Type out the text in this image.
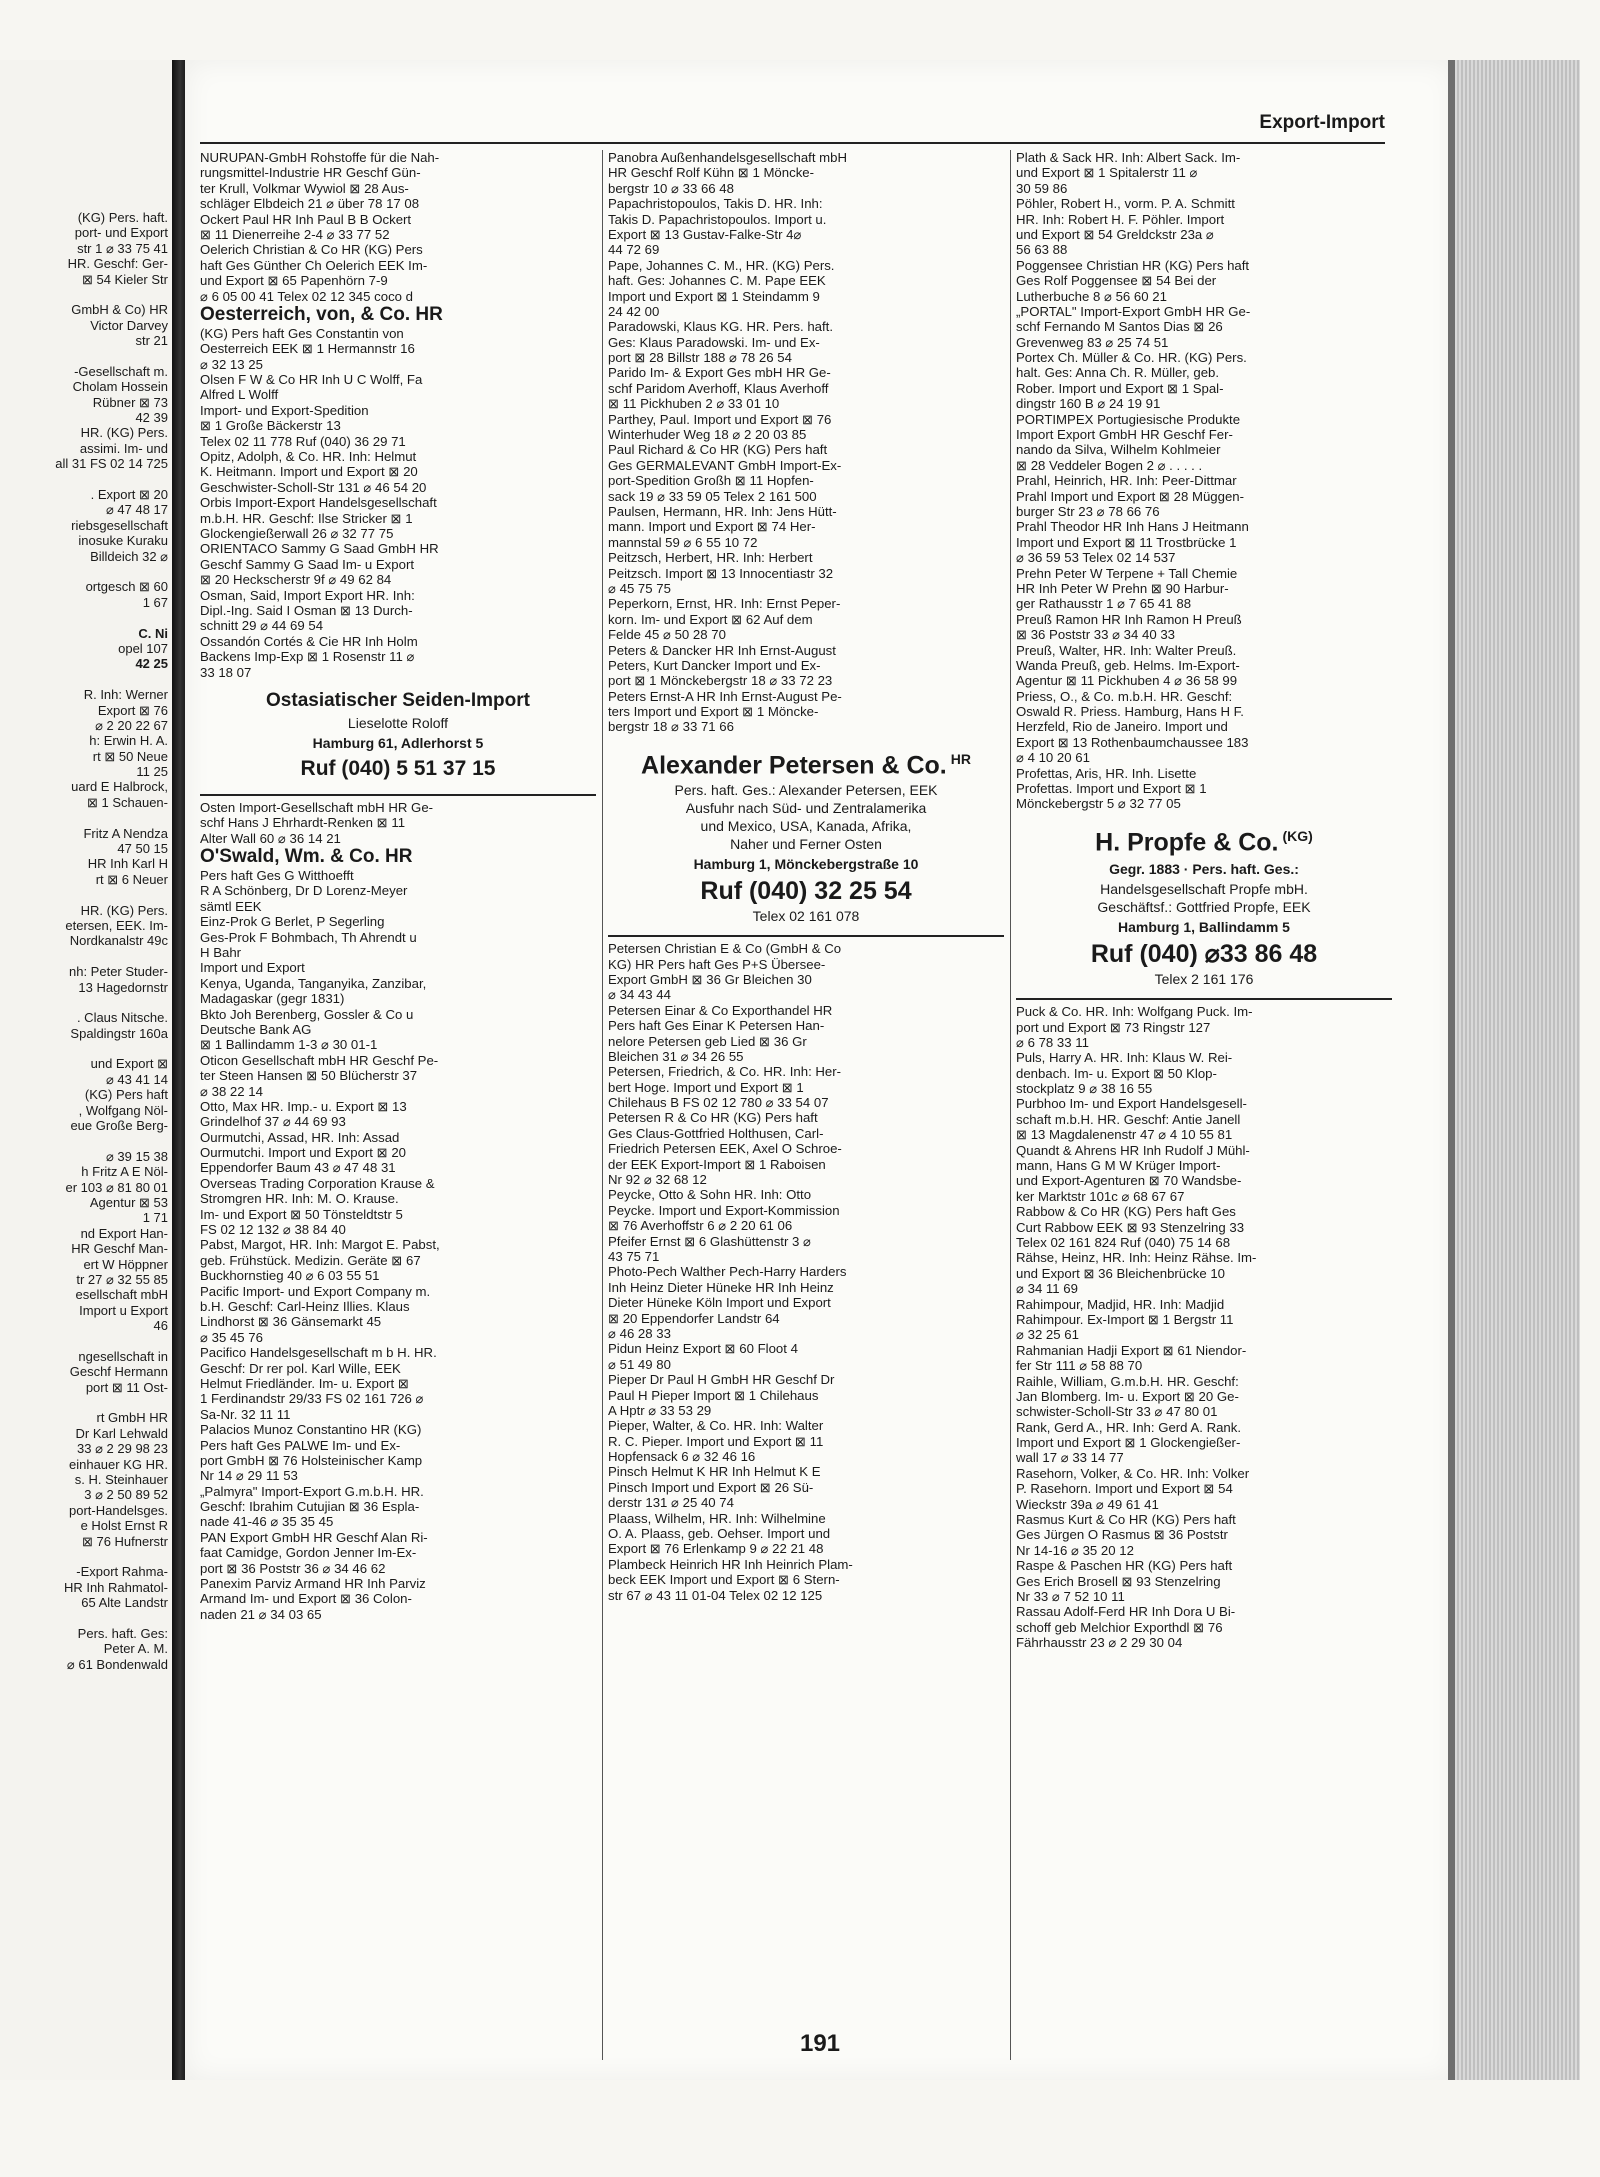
(KG) Pers. haft.
port- und Export
str 1 ⌀ 33 75 41
HR. Geschf: Ger-
⊠ 54 Kieler Str
GmbH & Co) HR
Victor Darvey
str 21
-Gesellschaft m.
Cholam Hossein
Rübner ⊠ 73
42 39
HR. (KG) Pers.
assimi. Im- und
all 31 FS 02 14 725
. Export ⊠ 20
⌀ 47 48 17
riebsgesellschaft
inosuke Kuraku
Billdeich 32 ⌀
ortgesch ⊠ 60
1 67
C. Ni
opel 107
42 25
R. Inh: Werner
Export ⊠ 76
⌀ 2 20 22 67
h: Erwin H. A.
rt ⊠ 50 Neue
11 25
uard E Halbrock,
⊠ 1 Schauen-
Fritz A Nendza
47 50 15
HR Inh Karl H
rt ⊠ 6 Neuer
HR. (KG) Pers.
etersen, EEK. Im-
Nordkanalstr 49c
nh: Peter Studer-
13 Hagedornstr
. Claus Nitsche.
Spaldingstr 160a
und Export ⊠
⌀ 43 41 14
(KG) Pers haft
, Wolfgang Nöl-
eue Große Berg-
⌀ 39 15 38
h Fritz A E Nöl-
er 103 ⌀ 81 80 01
Agentur ⊠ 53
1 71
nd Export Han-
HR Geschf Man-
ert W Höppner
tr 27 ⌀ 32 55 85
esellschaft mbH
Import u Export
46
ngesellschaft in
Geschf Hermann
port ⊠ 11 Ost-
rt GmbH HR
Dr Karl Lehwald
33 ⌀ 2 29 98 23
einhauer KG HR.
s. H. Steinhauer
3 ⌀ 2 50 89 52
port-Handelsges.
e Holst Ernst R
⊠ 76 Hufnerstr
-Export Rahma-
HR Inh Rahmatol-
65 Alte Landstr
Pers. haft. Ges:
Peter A. M.
⌀ 61 Bondenwald
Export-Import
NURUPAN-GmbH Rohstoffe für die Nah-
rungsmittel-Industrie HR Geschf Gün-
ter Krull, Volkmar Wywiol ⊠ 28 Aus-
schläger Elbdeich 21 ⌀ über 78 17 08
Ockert Paul HR Inh Paul B B Ockert
⊠ 11 Dienerreihe 2-4 ⌀ 33 77 52
Oelerich Christian & Co HR (KG) Pers
haft Ges Günther Ch Oelerich EEK Im-
und Export ⊠ 65 Papenhörn 7-9
⌀ 6 05 00 41 Telex 02 12 345 coco d
Oesterreich, von, & Co. HR
(KG) Pers haft Ges Constantin von
Oesterreich EEK ⊠ 1 Hermannstr 16
⌀ 32 13 25
Olsen F W & Co HR Inh U C Wolff, Fa
Alfred L Wolff
Import- und Export-Spedition
⊠ 1 Große Bäckerstr 13
Telex 02 11 778 Ruf (040) 36 29 71
Opitz, Adolph, & Co. HR. Inh: Helmut
K. Heitmann. Import und Export ⊠ 20
Geschwister-Scholl-Str 131 ⌀ 46 54 20
Orbis Import-Export Handelsgesellschaft
m.b.H. HR. Geschf: Ilse Stricker ⊠ 1
Glockengießerwall 26 ⌀ 32 77 75
ORIENTACO Sammy G Saad GmbH HR
Geschf Sammy G Saad Im- u Export
⊠ 20 Heckscherstr 9f ⌀ 49 62 84
Osman, Said, Import Export HR. Inh:
Dipl.-Ing. Said I Osman ⊠ 13 Durch-
schnitt 29 ⌀ 44 69 54
Ossandón Cortés & Cie HR Inh Holm
Backens Imp-Exp ⊠ 1 Rosenstr 11 ⌀
33 18 07
Ostasiatischer Seiden-Import
Lieselotte Roloff
Hamburg 61, Adlerhorst 5
Ruf (040) 5 51 37 15
Osten Import-Gesellschaft mbH HR Ge-
schf Hans J Ehrhardt-Renken ⊠ 11
Alter Wall 60 ⌀ 36 14 21
O'Swald, Wm. & Co. HR
Pers haft Ges G Witthoefft
R A Schönberg, Dr D Lorenz-Meyer
sämtl EEK
Einz-Prok G Berlet, P Segerling
Ges-Prok F Bohmbach, Th Ahrendt u
H Bahr
Import und Export
Kenya, Uganda, Tanganyika, Zanzibar,
Madagaskar (gegr 1831)
Bkto Joh Berenberg, Gossler & Co u
Deutsche Bank AG
⊠ 1 Ballindamm 1-3 ⌀ 30 01-1
Oticon Gesellschaft mbH HR Geschf Pe-
ter Steen Hansen ⊠ 50 Blücherstr 37
⌀ 38 22 14
Otto, Max HR. Imp.- u. Export ⊠ 13
Grindelhof 37 ⌀ 44 69 93
Ourmutchi, Assad, HR. Inh: Assad
Ourmutchi. Import und Export ⊠ 20
Eppendorfer Baum 43 ⌀ 47 48 31
Overseas Trading Corporation Krause &
Stromgren HR. Inh: M. O. Krause.
Im- und Export ⊠ 50 Tönsteldtstr 5
FS 02 12 132 ⌀ 38 84 40
Pabst, Margot, HR. Inh: Margot E. Pabst,
geb. Frühstück. Medizin. Geräte ⊠ 67
Buckhornstieg 40 ⌀ 6 03 55 51
Pacific Import- und Export Company m.
b.H. Geschf: Carl-Heinz Illies. Klaus
Lindhorst ⊠ 36 Gänsemarkt 45
⌀ 35 45 76
Pacifico Handelsgesellschaft m b H. HR.
Geschf: Dr rer pol. Karl Wille, EEK
Helmut Friedländer. Im- u. Export ⊠
1 Ferdinandstr 29/33 FS 02 161 726 ⌀
Sa-Nr. 32 11 11
Palacios Munoz Constantino HR (KG)
Pers haft Ges PALWE Im- und Ex-
port GmbH ⊠ 76 Holsteinischer Kamp
Nr 14 ⌀ 29 11 53
„Palmyra" Import-Export G.m.b.H. HR.
Geschf: Ibrahim Cutujian ⊠ 36 Espla-
nade 41-46 ⌀ 35 35 45
PAN Export GmbH HR Geschf Alan Ri-
faat Camidge, Gordon Jenner Im-Ex-
port ⊠ 36 Poststr 36 ⌀ 34 46 62
Panexim Parviz Armand HR Inh Parviz
Armand Im- und Export ⊠ 36 Colon-
naden 21 ⌀ 34 03 65
Panobra Außenhandelsgesellschaft mbH
HR Geschf Rolf Kühn ⊠ 1 Möncke-
bergstr 10 ⌀ 33 66 48
Papachristopoulos, Takis D. HR. Inh:
Takis D. Papachristopoulos. Import u.
Export ⊠ 13 Gustav-Falke-Str 4⌀
44 72 69
Pape, Johannes C. M., HR. (KG) Pers.
haft. Ges: Johannes C. M. Pape EEK
Import und Export ⊠ 1 Steindamm 9
24 42 00
Paradowski, Klaus KG. HR. Pers. haft.
Ges: Klaus Paradowski. Im- und Ex-
port ⊠ 28 Billstr 188 ⌀ 78 26 54
Parido Im- & Export Ges mbH HR Ge-
schf Paridom Averhoff, Klaus Averhoff
⊠ 11 Pickhuben 2 ⌀ 33 01 10
Parthey, Paul. Import und Export ⊠ 76
Winterhuder Weg 18 ⌀ 2 20 03 85
Paul Richard & Co HR (KG) Pers haft
Ges GERMALEVANT GmbH Import-Ex-
port-Spedition Großh ⊠ 11 Hopfen-
sack 19 ⌀ 33 59 05 Telex 2 161 500
Paulsen, Hermann, HR. Inh: Jens Hütt-
mann. Import und Export ⊠ 74 Her-
mannstal 59 ⌀ 6 55 10 72
Peitzsch, Herbert, HR. Inh: Herbert
Peitzsch. Import ⊠ 13 Innocentiastr 32
⌀ 45 75 75
Peperkorn, Ernst, HR. Inh: Ernst Peper-
korn. Im- und Export ⊠ 62 Auf dem
Felde 45 ⌀ 50 28 70
Peters & Dancker HR Inh Ernst-August
Peters, Kurt Dancker Import und Ex-
port ⊠ 1 Mönckebergstr 18 ⌀ 33 72 23
Peters Ernst-A HR Inh Ernst-August Pe-
ters Import und Export ⊠ 1 Möncke-
bergstr 18 ⌀ 33 71 66
Alexander Petersen & Co. $^{HR}$
Pers. haft. Ges.: Alexander Petersen, EEK
Ausfuhr nach Süd- und Zentralamerika
und Mexico, USA, Kanada, Afrika,
Naher und Ferner Osten
Hamburg 1, Mönckebergstraße 10
Ruf (040) 32 25 54
Telex 02 161 078
Petersen Christian E & Co (GmbH & Co
KG) HR Pers haft Ges P+S Übersee-
Export GmbH ⊠ 36 Gr Bleichen 30
⌀ 34 43 44
Petersen Einar & Co Exporthandel HR
Pers haft Ges Einar K Petersen Han-
nelore Petersen geb Lied ⊠ 36 Gr
Bleichen 31 ⌀ 34 26 55
Petersen, Friedrich, & Co. HR. Inh: Her-
bert Hoge. Import und Export ⊠ 1
Chilehaus B FS 02 12 780 ⌀ 33 54 07
Petersen R & Co HR (KG) Pers haft
Ges Claus-Gottfried Holthusen, Carl-
Friedrich Petersen EEK, Axel O Schroe-
der EEK Export-Import ⊠ 1 Raboisen
Nr 92 ⌀ 32 68 12
Peycke, Otto & Sohn HR. Inh: Otto
Peycke. Import und Export-Kommission
⊠ 76 Averhoffstr 6 ⌀ 2 20 61 06
Pfeifer Ernst ⊠ 6 Glashüttenstr 3 ⌀
43 75 71
Photo-Pech Walther Pech-Harry Harders
Inh Heinz Dieter Hüneke HR Inh Heinz
Dieter Hüneke Köln Import und Export
⊠ 20 Eppendorfer Landstr 64
⌀ 46 28 33
Pidun Heinz Export ⊠ 60 Floot 4
⌀ 51 49 80
Pieper Dr Paul H GmbH HR Geschf Dr
Paul H Pieper Import ⊠ 1 Chilehaus
A Hptr ⌀ 33 53 29
Pieper, Walter, & Co. HR. Inh: Walter
R. C. Pieper. Import und Export ⊠ 11
Hopfensack 6 ⌀ 32 46 16
Pinsch Helmut K HR Inh Helmut K E
Pinsch Import und Export ⊠ 26 Sü-
derstr 131 ⌀ 25 40 74
Plaass, Wilhelm, HR. Inh: Wilhelmine
O. A. Plaass, geb. Oehser. Import und
Export ⊠ 76 Erlenkamp 9 ⌀ 22 21 48
Plambeck Heinrich HR Inh Heinrich Plam-
beck EEK Import und Export ⊠ 6 Stern-
str 67 ⌀ 43 11 01-04 Telex 02 12 125
Plath & Sack HR. Inh: Albert Sack. Im-
und Export ⊠ 1 Spitalerstr 11 ⌀
30 59 86
Pöhler, Robert H., vorm. P. A. Schmitt
HR. Inh: Robert H. F. Pöhler. Import
und Export ⊠ 54 Greldckstr 23a ⌀
56 63 88
Poggensee Christian HR (KG) Pers haft
Ges Rolf Poggensee ⊠ 54 Bei der
Lutherbuche 8 ⌀ 56 60 21
„PORTAL" Import-Export GmbH HR Ge-
schf Fernando M Santos Dias ⊠ 26
Grevenweg 83 ⌀ 25 74 51
Portex Ch. Müller & Co. HR. (KG) Pers.
halt. Ges: Anna Ch. R. Müller, geb.
Rober. Import und Export ⊠ 1 Spal-
dingstr 160 B ⌀ 24 19 91
PORTIMPEX Portugiesische Produkte
Import Export GmbH HR Geschf Fer-
nando da Silva, Wilhelm Kohlmeier
⊠ 28 Veddeler Bogen 2 ⌀ . . . . .
Prahl, Heinrich, HR. Inh: Peer-Dittmar
Prahl Import und Export ⊠ 28 Müggen-
burger Str 23 ⌀ 78 66 76
Prahl Theodor HR Inh Hans J Heitmann
Import und Export ⊠ 11 Trostbrücke 1
⌀ 36 59 53 Telex 02 14 537
Prehn Peter W Terpene + Tall Chemie
HR Inh Peter W Prehn ⊠ 90 Harbur-
ger Rathausstr 1 ⌀ 7 65 41 88
Preuß Ramon HR Inh Ramon H Preuß
⊠ 36 Poststr 33 ⌀ 34 40 33
Preuß, Walter, HR. Inh: Walter Preuß.
Wanda Preuß, geb. Helms. Im-Export-
Agentur ⊠ 11 Pickhuben 4 ⌀ 36 58 99
Priess, O., & Co. m.b.H. HR. Geschf:
Oswald R. Priess. Hamburg, Hans H F.
Herzfeld, Rio de Janeiro. Import und
Export ⊠ 13 Rothenbaumchaussee 183
⌀ 4 10 20 61
Profettas, Aris, HR. Inh. Lisette
Profettas. Import und Export ⊠ 1
Mönckebergstr 5 ⌀ 32 77 05
H. Propfe & Co. $^{(KG)}$
Gegr. 1883 · Pers. haft. Ges.:
Handelsgesellschaft Propfe mbH.
Geschäftsf.: Gottfried Propfe, EEK
Hamburg 1, Ballindamm 5
Ruf (040) ⌀33 86 48
Telex 2 161 176
Puck & Co. HR. Inh: Wolfgang Puck. Im-
port und Export ⊠ 73 Ringstr 127
⌀ 6 78 33 11
Puls, Harry A. HR. Inh: Klaus W. Rei-
denbach. Im- u. Export ⊠ 50 Klop-
stockplatz 9 ⌀ 38 16 55
Purbhoo Im- und Export Handelsgesell-
schaft m.b.H. HR. Geschf: Antie Janell
⊠ 13 Magdalenenstr 47 ⌀ 4 10 55 81
Quandt & Ahrens HR Inh Rudolf J Mühl-
mann, Hans G M W Krüger Import-
und Export-Agenturen ⊠ 70 Wandsbe-
ker Marktstr 101c ⌀ 68 67 67
Rabbow & Co HR (KG) Pers haft Ges
Curt Rabbow EEK ⊠ 93 Stenzelring 33
Telex 02 161 824 Ruf (040) 75 14 68
Rähse, Heinz, HR. Inh: Heinz Rähse. Im-
und Export ⊠ 36 Bleichenbrücke 10
⌀ 34 11 69
Rahimpour, Madjid, HR. Inh: Madjid
Rahimpour. Ex-Import ⊠ 1 Bergstr 11
⌀ 32 25 61
Rahmanian Hadji Export ⊠ 61 Niendor-
fer Str 111 ⌀ 58 88 70
Raihle, William, G.m.b.H. HR. Geschf:
Jan Blomberg. Im- u. Export ⊠ 20 Ge-
schwister-Scholl-Str 33 ⌀ 47 80 01
Rank, Gerd A., HR. Inh: Gerd A. Rank.
Import und Export ⊠ 1 Glockengießer-
wall 17 ⌀ 33 14 77
Rasehorn, Volker, & Co. HR. Inh: Volker
P. Rasehorn. Import und Export ⊠ 54
Wieckstr 39a ⌀ 49 61 41
Rasmus Kurt & Co HR (KG) Pers haft
Ges Jürgen O Rasmus ⊠ 36 Poststr
Nr 14-16 ⌀ 35 20 12
Raspe & Paschen HR (KG) Pers haft
Ges Erich Brosell ⊠ 93 Stenzelring
Nr 33 ⌀ 7 52 10 11
Rassau Adolf-Ferd HR Inh Dora U Bi-
schoff geb Melchior Exporthdl ⊠ 76
Fährhausstr 23 ⌀ 2 29 30 04
191
